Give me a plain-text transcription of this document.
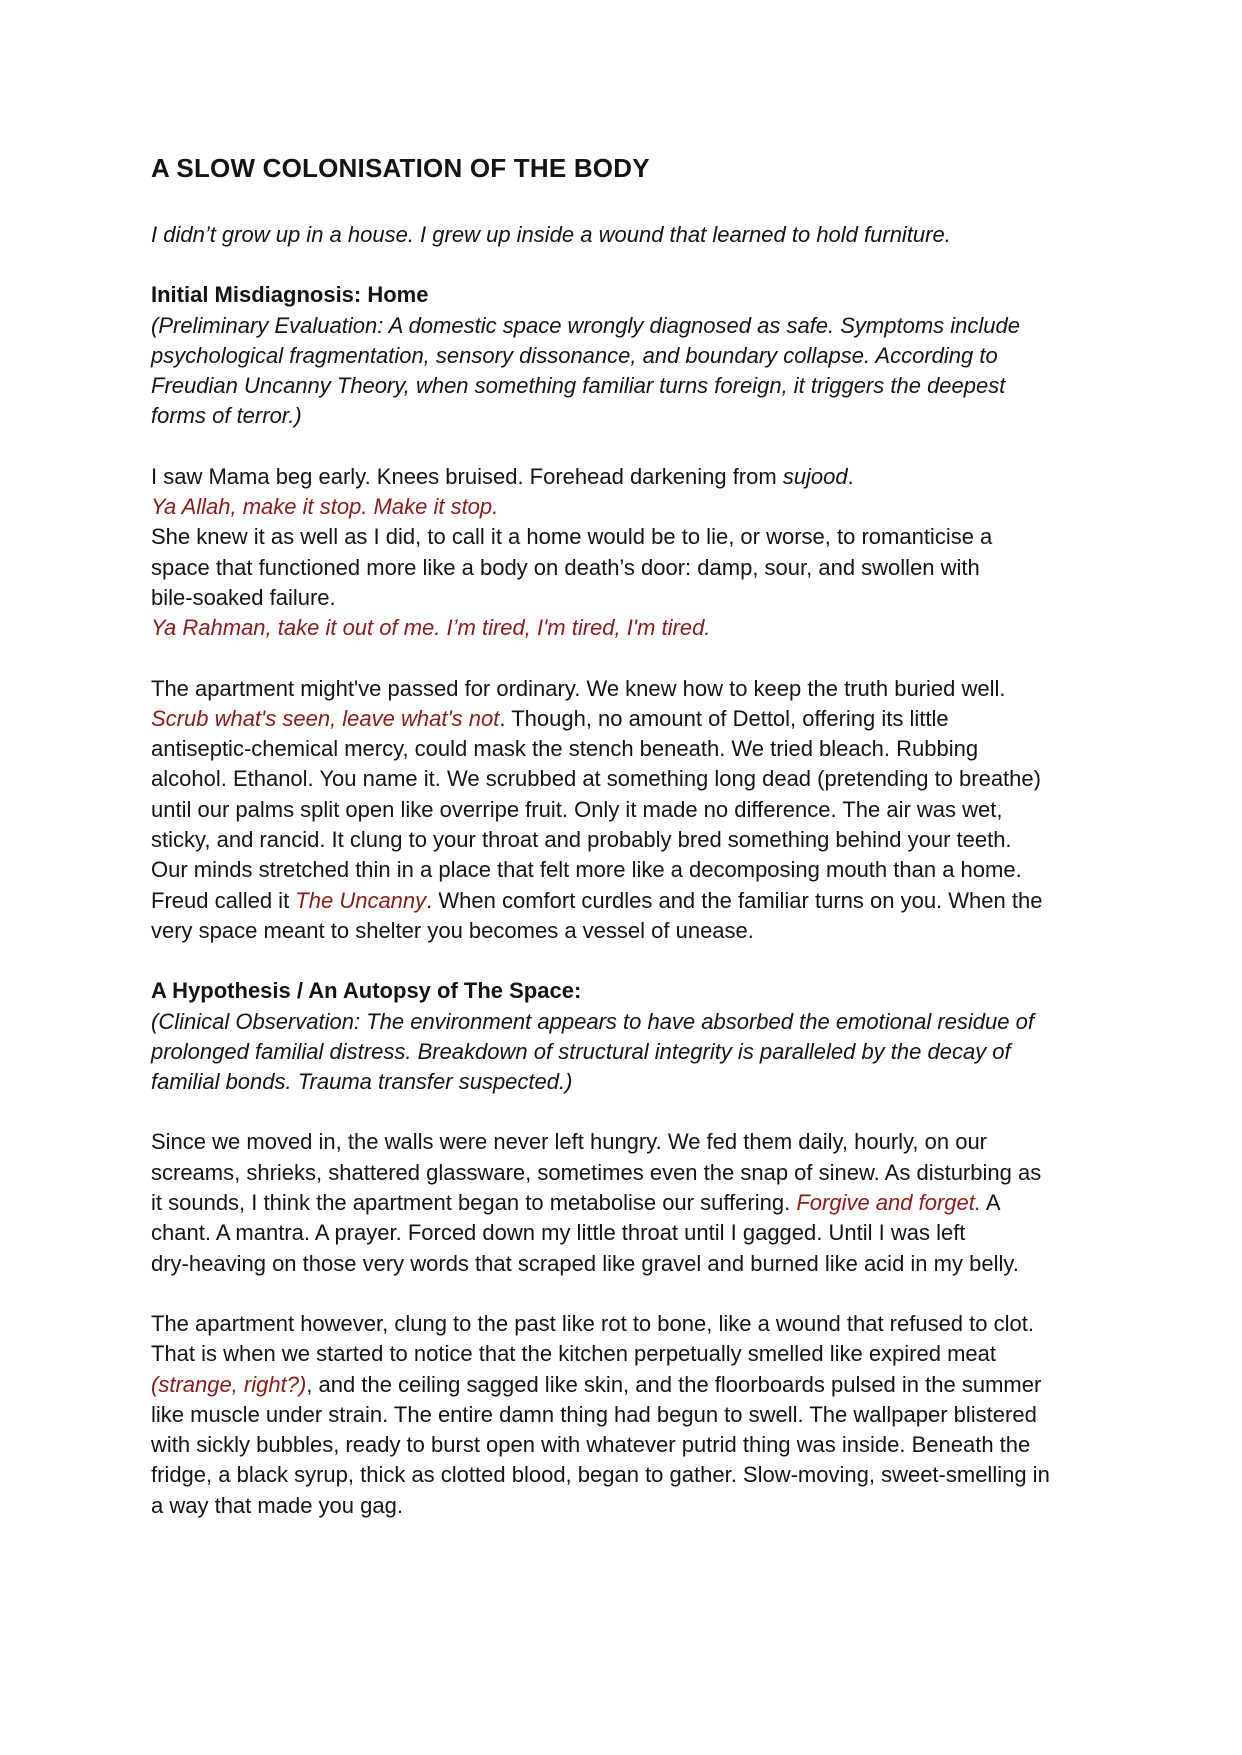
A SLOW COLONISATION OF THE BODY

I didn’t grow up in a house. I grew up inside a wound that learned to hold furniture.

Initial Misdiagnosis: Home

(Preliminary Evaluation: A domestic space wrongly diagnosed as safe. Symptoms include
psychological fragmentation, sensory dissonance, and boundary collapse. According to
Freudian Uncanny Theory, when something familiar turns foreign, it triggers the deepest
forms of terror.)

I saw Mama beg early. Knees bruised. Forehead darkening from sujood.
Ya Allah, make it stop. Make it stop.
She knew it as well as I did, to call it a home would be to lie, or worse, to romanticise a
space that functioned more like a body on death’s door: damp, sour, and swollen with
bile-soaked failure.
Ya Rahman, take it out of me. I’m tired, I'm tired, I'm tired.

The apartment might've passed for ordinary. We knew how to keep the truth buried well.
Scrub what's seen, leave what's not. Though, no amount of Dettol, offering its little
antiseptic-chemical mercy, could mask the stench beneath. We tried bleach. Rubbing
alcohol. Ethanol. You name it. We scrubbed at something long dead (pretending to breathe)
until our palms split open like overripe fruit. Only it made no difference. The air was wet,
sticky, and rancid. It clung to your throat and probably bred something behind your teeth.
Our minds stretched thin in a place that felt more like a decomposing mouth than a home.
Freud called it The Uncanny. When comfort curdles and the familiar turns on you. When the
very space meant to shelter you becomes a vessel of unease.

A Hypothesis / An Autopsy of The Space:

(Clinical Observation: The environment appears to have absorbed the emotional residue of
prolonged familial distress. Breakdown of structural integrity is paralleled by the decay of
familial bonds. Trauma transfer suspected.)

Since we moved in, the walls were never left hungry. We fed them daily, hourly, on our
screams, shrieks, shattered glassware, sometimes even the snap of sinew. As disturbing as
it sounds, I think the apartment began to metabolise our suffering. Forgive and forget. A
chant. A mantra. A prayer. Forced down my little throat until I gagged. Until I was left
dry-heaving on those very words that scraped like gravel and burned like acid in my belly.

The apartment however, clung to the past like rot to bone, like a wound that refused to clot.
That is when we started to notice that the kitchen perpetually smelled like expired meat
(strange, right?), and the ceiling sagged like skin, and the floorboards pulsed in the summer
like muscle under strain. The entire damn thing had begun to swell. The wallpaper blistered
with sickly bubbles, ready to burst open with whatever putrid thing was inside. Beneath the
fridge, a black syrup, thick as clotted blood, began to gather. Slow-moving, sweet-smelling in
a way that made you gag.
